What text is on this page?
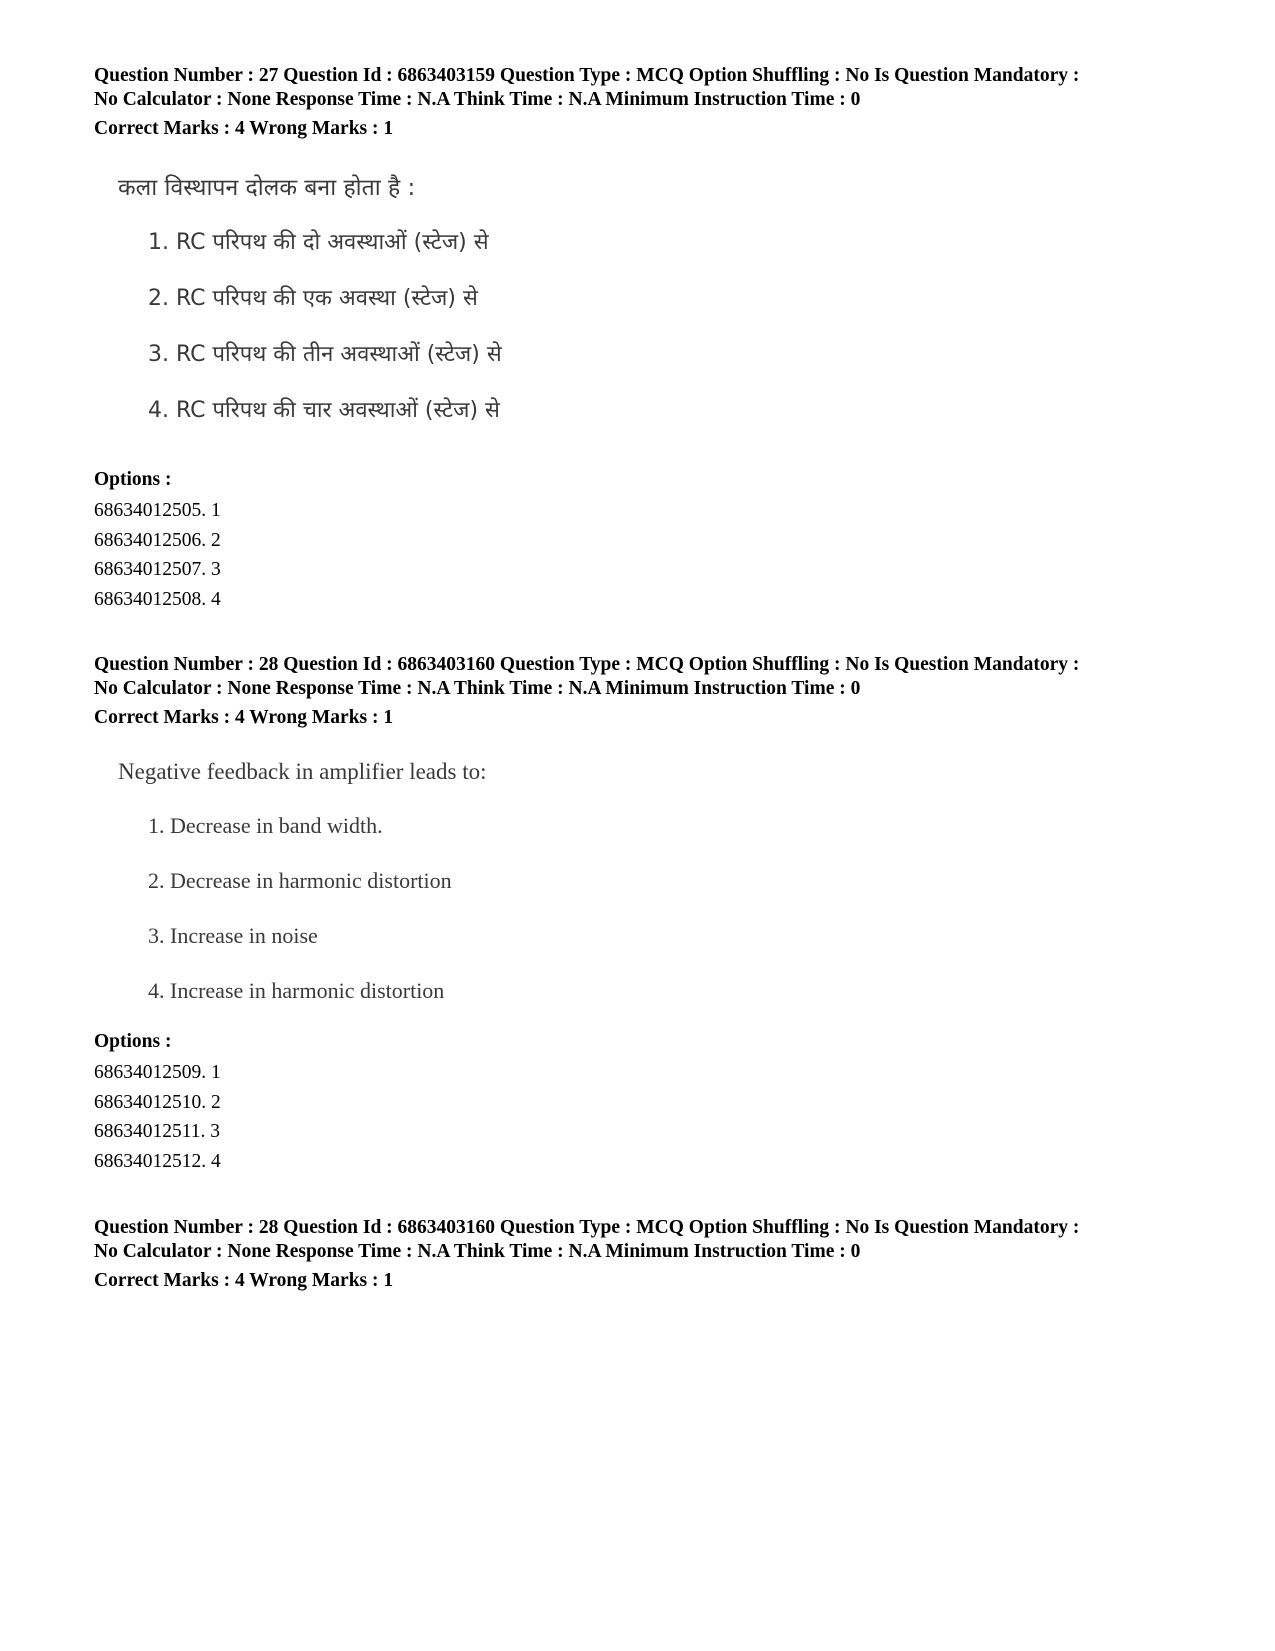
Question Number : 27 Question Id : 6863403159 Question Type : MCQ Option Shuffling : No Is Question Mandatory :
No Calculator : None Response Time : N.A Think Time : N.A Minimum Instruction Time : 0
Correct Marks : 4 Wrong Marks : 1
कला विस्थापन दोलक बना होता है :
1. RC परिपथ की दो अवस्थाओं (स्टेज) से
2. RC परिपथ की एक अवस्था (स्टेज) से
3. RC परिपथ की तीन अवस्थाओं (स्टेज) से
4. RC परिपथ की चार अवस्थाओं (स्टेज) से
Options :
68634012505. 1
68634012506. 2
68634012507. 3
68634012508. 4
Question Number : 28 Question Id : 6863403160 Question Type : MCQ Option Shuffling : No Is Question Mandatory :
No Calculator : None Response Time : N.A Think Time : N.A Minimum Instruction Time : 0
Correct Marks : 4 Wrong Marks : 1
Negative feedback in amplifier leads to:
1. Decrease in band width.
2. Decrease in harmonic distortion
3. Increase in noise
4. Increase in harmonic distortion
Options :
68634012509. 1
68634012510. 2
68634012511. 3
68634012512. 4
Question Number : 28 Question Id : 6863403160 Question Type : MCQ Option Shuffling : No Is Question Mandatory :
No Calculator : None Response Time : N.A Think Time : N.A Minimum Instruction Time : 0
Correct Marks : 4 Wrong Marks : 1
